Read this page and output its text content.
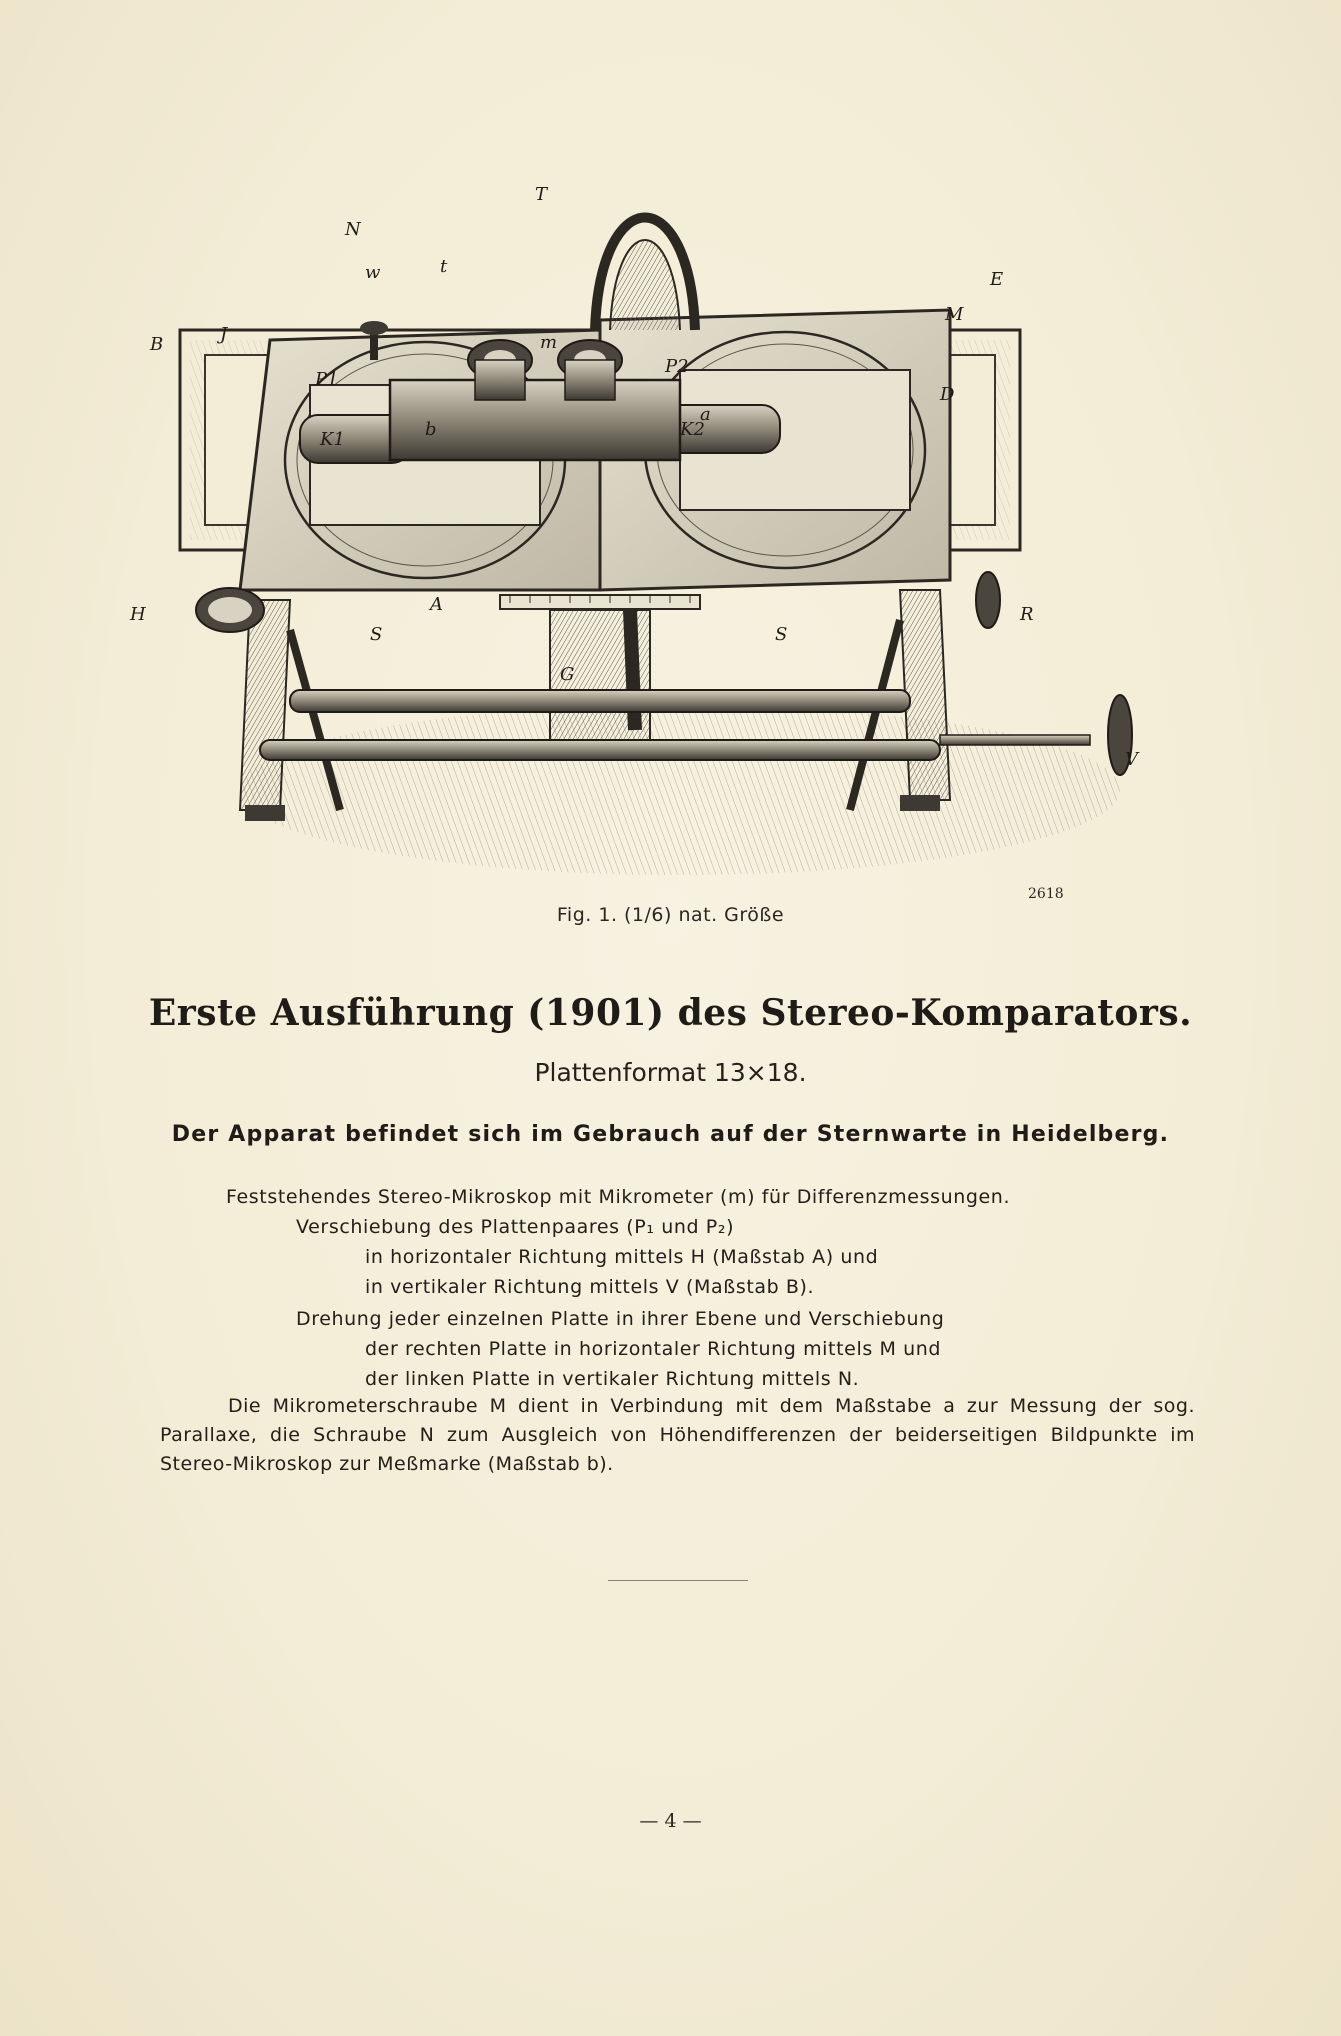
T
N
w	t
E
B	J
K1	K2
m
M
P1
P2
D
b
a
H	A	R
S	S
G
V
2618
Fig. 1. (1/6) nat. Größe
Erste Ausführung (1901) des Stereo-Komparators.
Plattenformat 13×18.
Der Apparat befindet sich im Gebrauch auf der Sternwarte in Heidelberg.
Feststehendes Stereo-Mikroskop mit Mikrometer (m) für Differenzmessungen.
Verschiebung des Plattenpaares (P₁ und P₂)
in horizontaler Richtung mittels H (Maßstab A) und
in vertikaler Richtung mittels V (Maßstab B).
Drehung jeder einzelnen Platte in ihrer Ebene und Verschiebung
der rechten Platte in horizontaler Richtung mittels M und
der linken Platte in vertikaler Richtung mittels N.
Die Mikrometerschraube M dient in Verbindung mit dem Maßstabe a zur Messung der sog. Parallaxe, die Schraube N zum Ausgleich von Höhendifferenzen der beiderseitigen Bildpunkte im Stereo-Mikroskop zur Meßmarke (Maßstab b).
— 4 —
